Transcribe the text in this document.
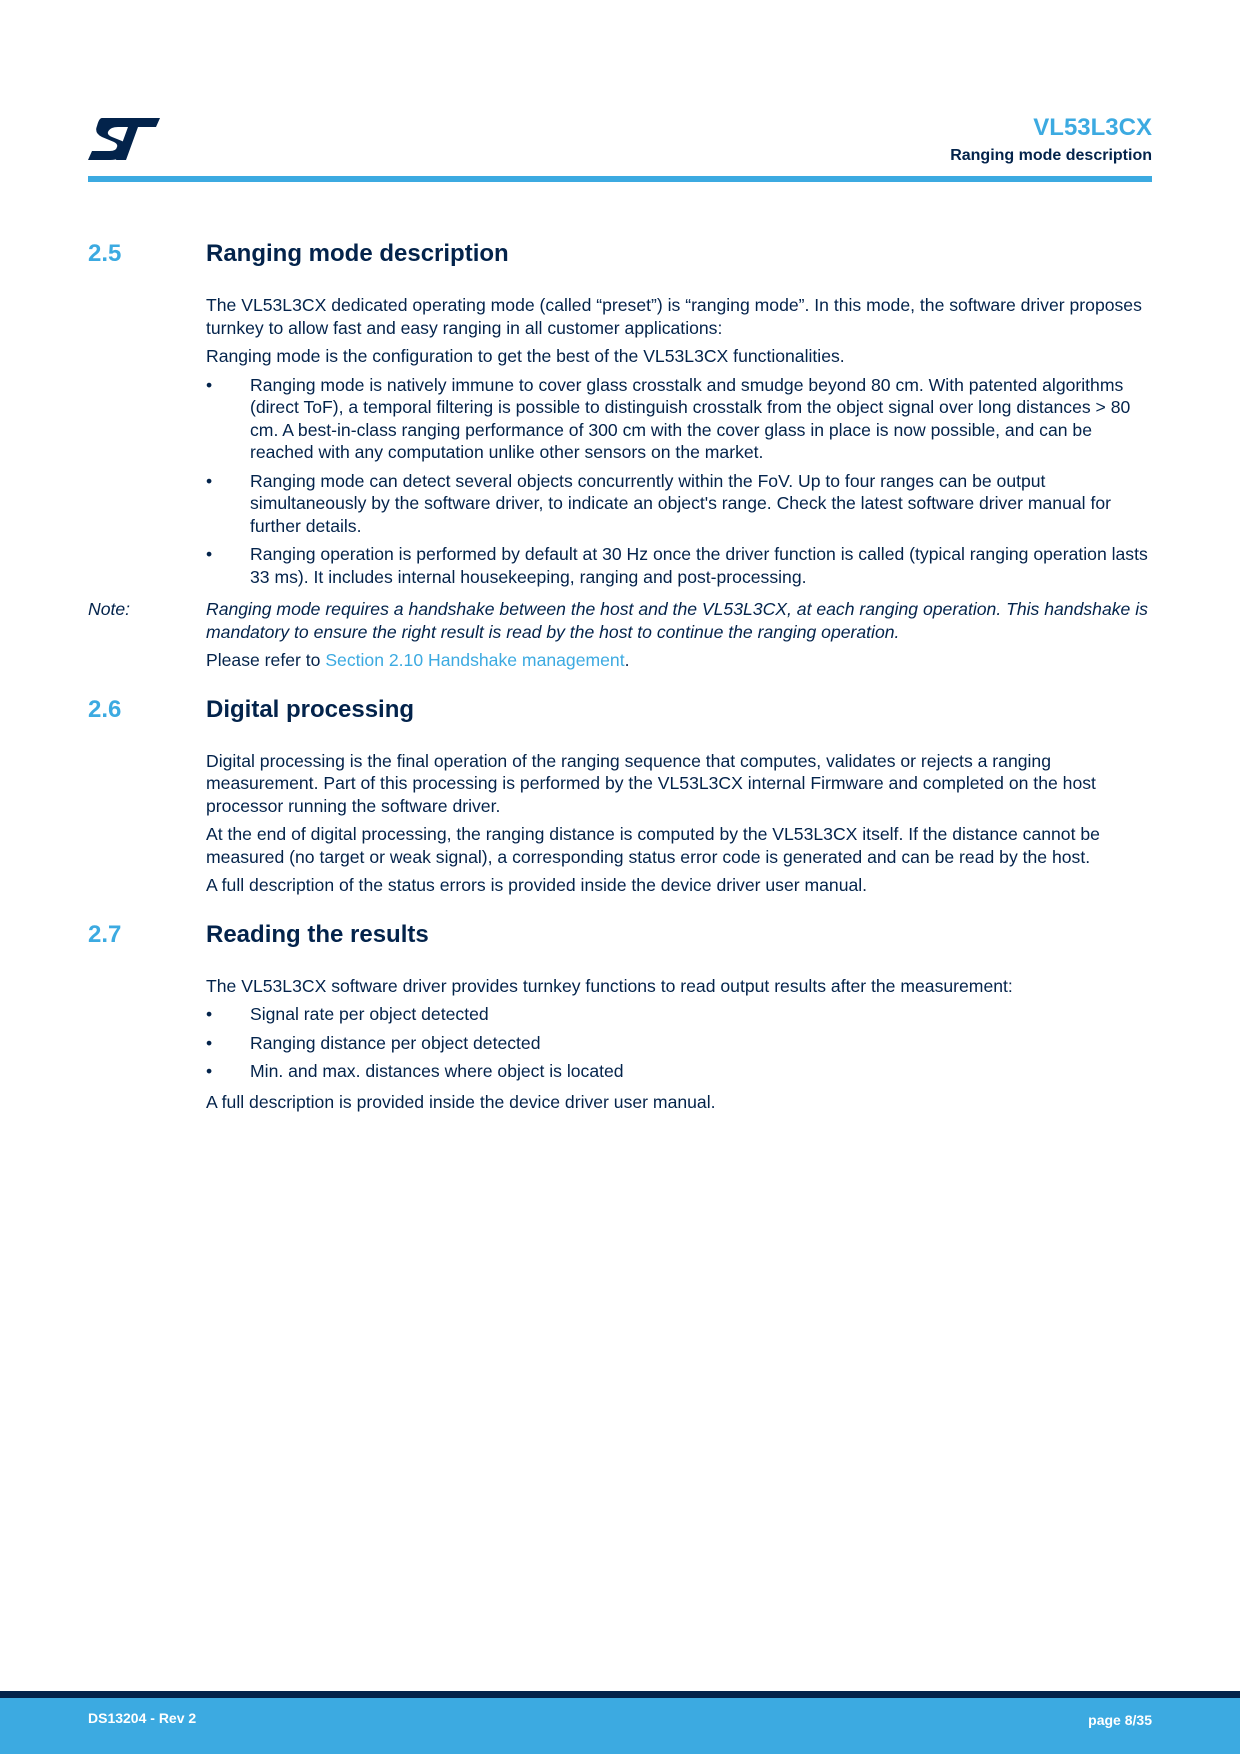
VL53L3CX
Ranging mode description
2.5	Ranging mode description

The VL53L3CX dedicated operating mode (called “preset”) is “ranging mode”. In this mode, the software driver proposes turnkey to allow fast and easy ranging in all customer applications:

Ranging mode is the configuration to get the best of the VL53L3CX functionalities.

• Ranging mode is natively immune to cover glass crosstalk and smudge beyond 80 cm. With patented algorithms (direct ToF), a temporal filtering is possible to distinguish crosstalk from the object signal over long distances > 80 cm. A best-in-class ranging performance of 300 cm with the cover glass in place is now possible, and can be reached with any computation unlike other sensors on the market.
• Ranging mode can detect several objects concurrently within the FoV. Up to four ranges can be output simultaneously by the software driver, to indicate an object's range. Check the latest software driver manual for further details.
• Ranging operation is performed by default at 30 Hz once the driver function is called (typical ranging operation lasts 33 ms). It includes internal housekeeping, ranging and post-processing.
Note:	Ranging mode requires a handshake between the host and the VL53L3CX, at each ranging operation. This handshake is mandatory to ensure the right result is read by the host to continue the ranging operation.

Please refer to Section 2.10 Handshake management.

2.6	Digital processing

Digital processing is the final operation of the ranging sequence that computes, validates or rejects a ranging measurement. Part of this processing is performed by the VL53L3CX internal Firmware and completed on the host processor running the software driver.

At the end of digital processing, the ranging distance is computed by the VL53L3CX itself. If the distance cannot be measured (no target or weak signal), a corresponding status error code is generated and can be read by the host.

A full description of the status errors is provided inside the device driver user manual.

2.7	Reading the results

The VL53L3CX software driver provides turnkey functions to read output results after the measurement:

• Signal rate per object detected
• Ranging distance per object detected
• Min. and max. distances where object is located

A full description is provided inside the device driver user manual.

DS13204 - Rev 2	page 8/35
